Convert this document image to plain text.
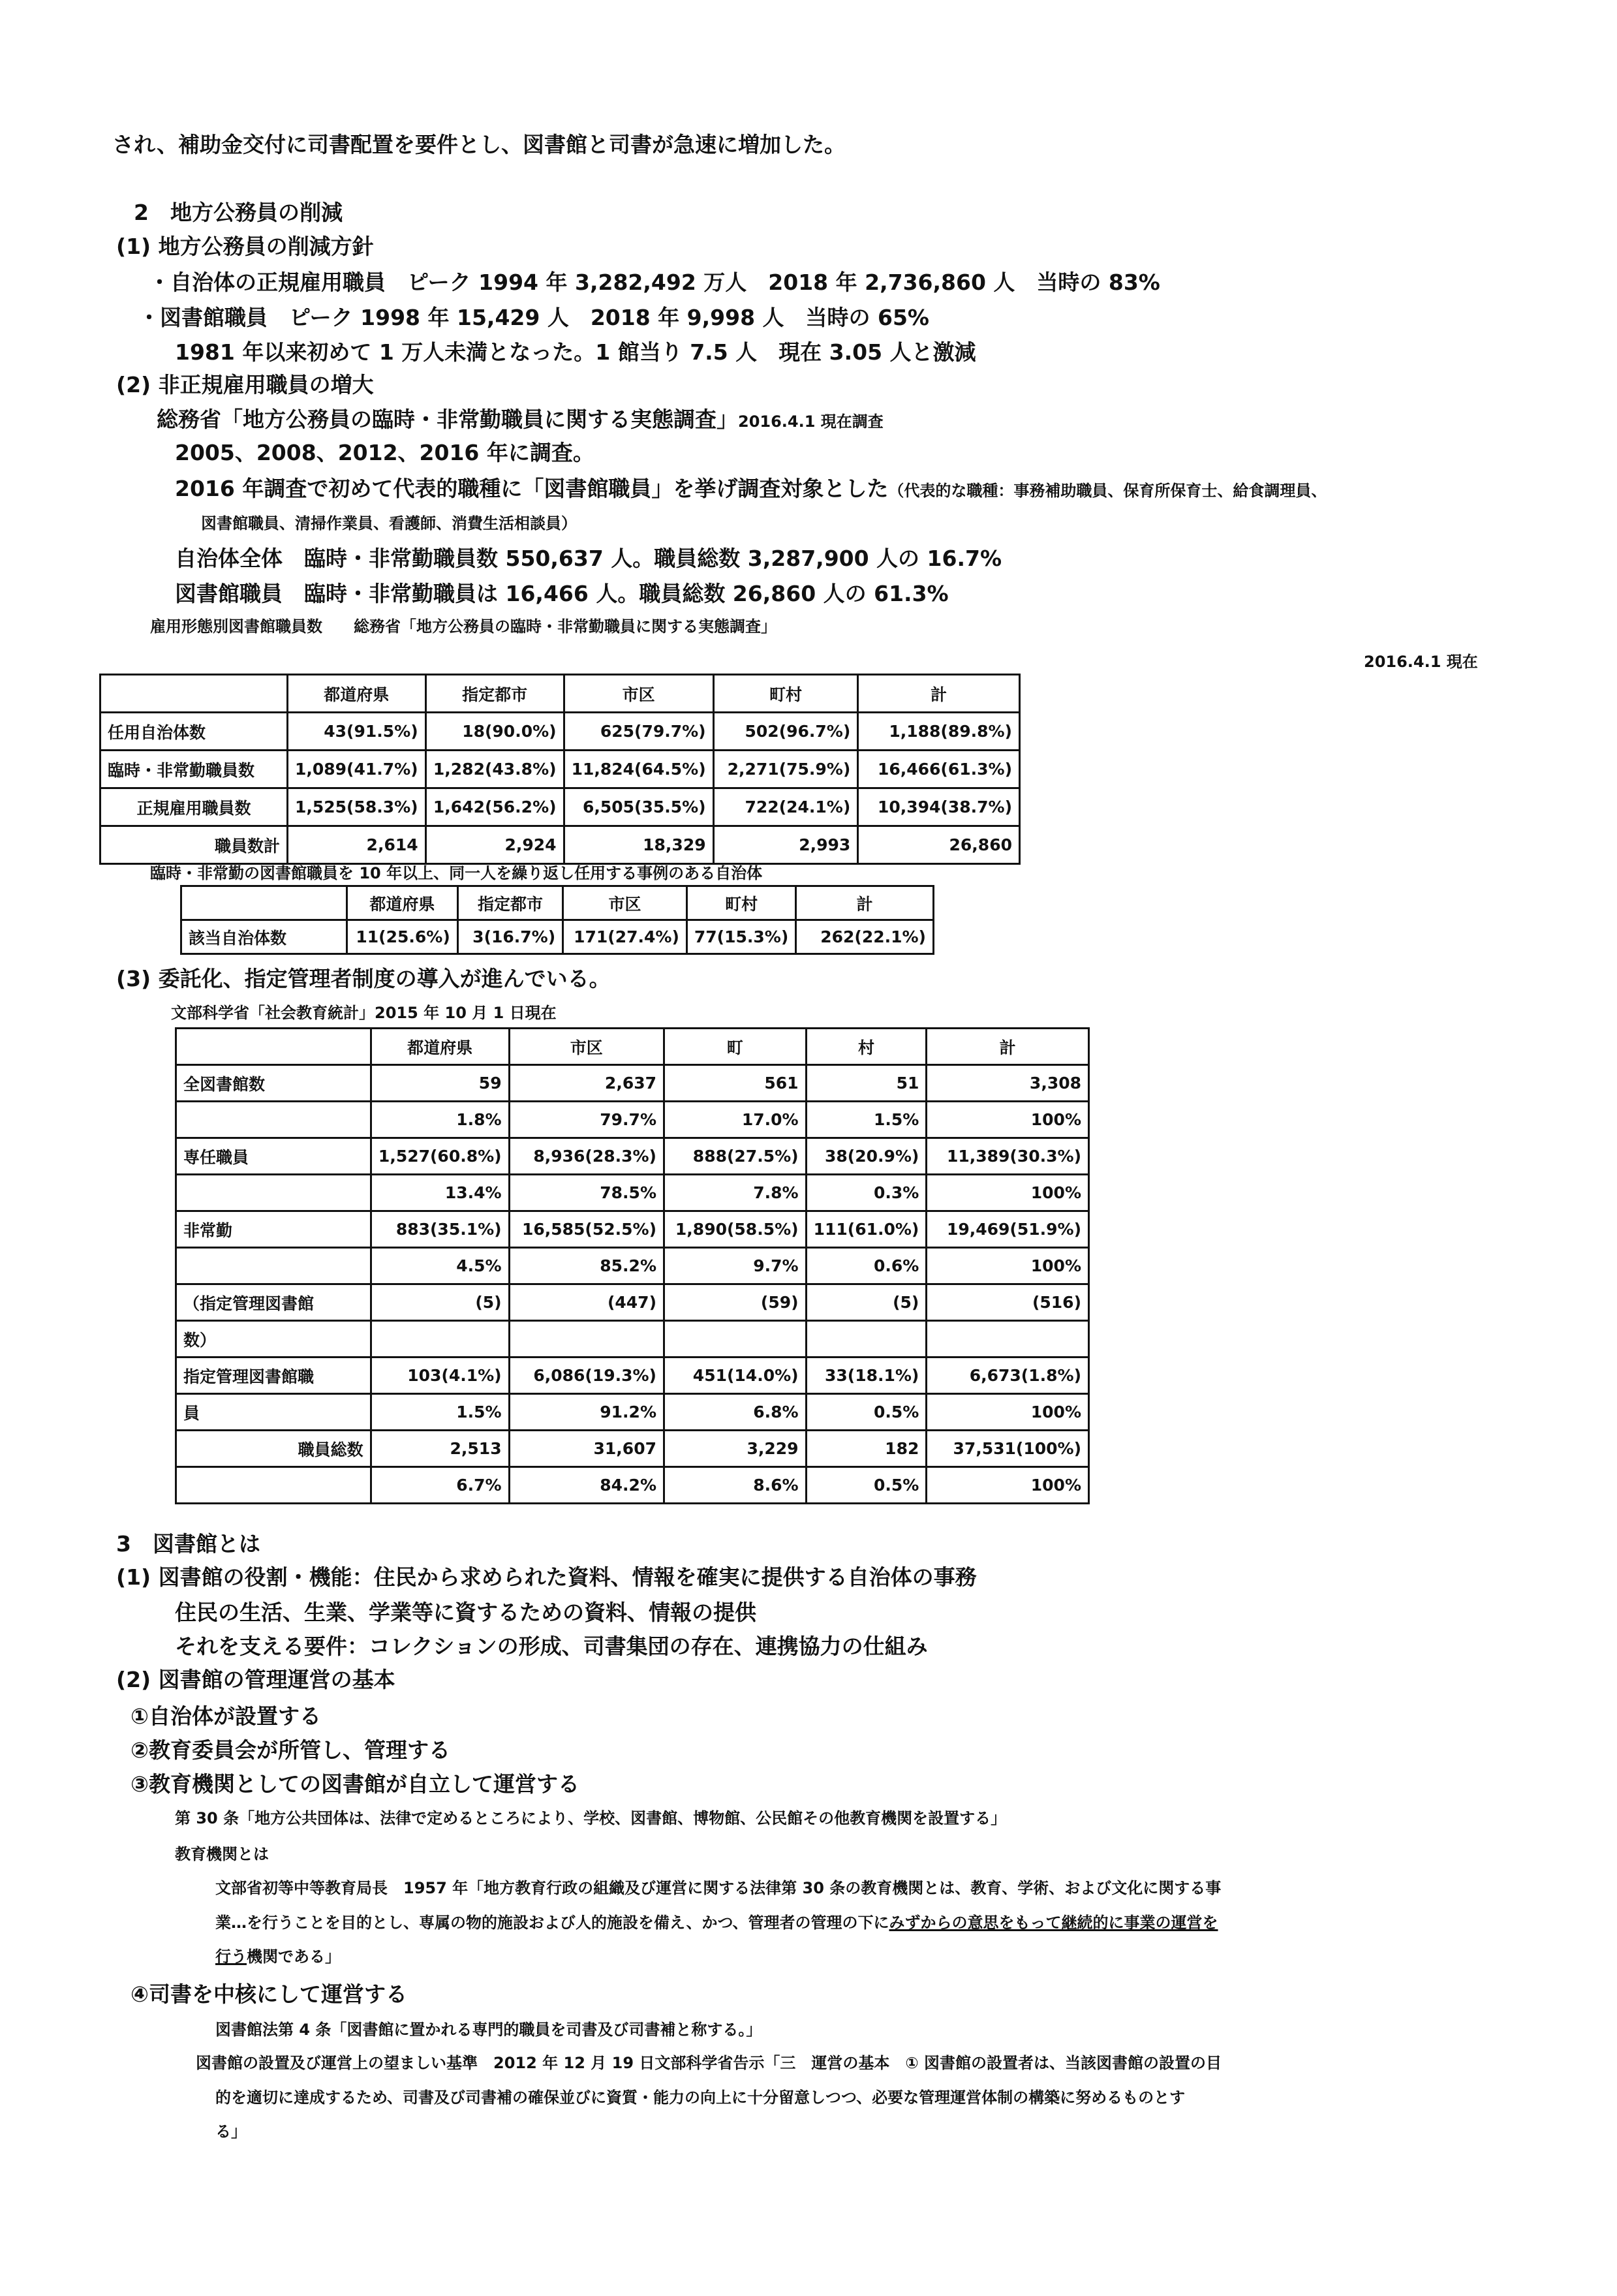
され、補助金交付に司書配置を要件とし、図書館と司書が急速に増加した。
2　地方公務員の削減
(1) 地方公務員の削減方針
・自治体の正規雇用職員　ピーク 1994 年 3,282,492 万人　2018 年 2,736,860 人　当時の 83%
・図書館職員　ピーク 1998 年 15,429 人　2018 年 9,998 人　当時の 65%
1981 年以来初めて 1 万人未満となった。1 館当り 7.5 人　現在 3.05 人と激減
(2) 非正規雇用職員の増大
総務省「地方公務員の臨時・非常勤職員に関する実態調査」2016.4.1 現在調査
2005、2008、2012、2016 年に調査。
2016 年調査で初めて代表的職種に「図書館職員」を挙げ調査対象とした（代表的な職種：事務補助職員、保育所保育士、給食調理員、
図書館職員、清掃作業員、看護師、消費生活相談員）
自治体全体　臨時・非常勤職員数 550,637 人。職員総数 3,287,900 人の 16.7%
図書館職員　臨時・非常勤職員は 16,466 人。職員総数 26,860 人の 61.3%
雇用形態別図書館職員数　　総務省「地方公務員の臨時・非常勤職員に関する実態調査」
2016.4.1 現在
	都道府県	指定都市	市区	町村	計
任用自治体数	43(91.5%)	18(90.0%)	625(79.7%)	502(96.7%)	1,188(89.8%)
臨時・非常勤職員数	1,089(41.7%)	1,282(43.8%)	11,824(64.5%)	2,271(75.9%)	16,466(61.3%)
正規雇用職員数	1,525(58.3%)	1,642(56.2%)	6,505(35.5%)	722(24.1%)	10,394(38.7%)
職員数計	2,614	2,924	18,329	2,993	26,860
臨時・非常勤の図書館職員を 10 年以上、同一人を繰り返し任用する事例のある自治体
	都道府県	指定都市	市区	町村	計
該当自治体数	11(25.6%)	3(16.7%)	171(27.4%)	77(15.3%)	262(22.1%)
(3) 委託化、指定管理者制度の導入が進んでいる。
文部科学省「社会教育統計」2015 年 10 月 1 日現在
	都道府県	市区	町	村	計
全図書館数	59	2,637	561	51	3,308
	1.8%	79.7%	17.0%	1.5%	100%
専任職員	1,527(60.8%)	8,936(28.3%)	888(27.5%)	38(20.9%)	11,389(30.3%)
	13.4%	78.5%	7.8%	0.3%	100%
非常勤	883(35.1%)	16,585(52.5%)	1,890(58.5%)	111(61.0%)	19,469(51.9%)
	4.5%	85.2%	9.7%	0.6%	100%
（指定管理図書館	(5)	(447)	(59)	(5)	(516)
数）					
指定管理図書館職	103(4.1%)	6,086(19.3%)	451(14.0%)	33(18.1%)	6,673(1.8%)
員	1.5%	91.2%	6.8%	0.5%	100%
職員総数	2,513	31,607	3,229	182	37,531(100%)
	6.7%	84.2%	8.6%	0.5%	100%
3　図書館とは
(1) 図書館の役割・機能：住民から求められた資料、情報を確実に提供する自治体の事務
住民の生活、生業、学業等に資するための資料、情報の提供
それを支える要件：コレクションの形成、司書集団の存在、連携協力の仕組み
(2) 図書館の管理運営の基本
①自治体が設置する
②教育委員会が所管し、管理する
③教育機関としての図書館が自立して運営する
第 30 条「地方公共団体は、法律で定めるところにより、学校、図書館、博物館、公民館その他教育機関を設置する」
教育機関とは
文部省初等中等教育局長　1957 年「地方教育行政の組織及び運営に関する法律第 30 条の教育機関とは、教育、学術、および文化に関する事
業…を行うことを目的とし、専属の物的施設および人的施設を備え、かつ、管理者の管理の下にみずからの意思をもって継続的に事業の運営を
行う機関である」
④司書を中核にして運営する
図書館法第 4 条「図書館に置かれる専門的職員を司書及び司書補と称する。」
図書館の設置及び運営上の望ましい基準　2012 年 12 月 19 日文部科学省告示「三　運営の基本　① 図書館の設置者は、当該図書館の設置の目
的を適切に達成するため、司書及び司書補の確保並びに資質・能力の向上に十分留意しつつ、必要な管理運営体制の構築に努めるものとす
る」
